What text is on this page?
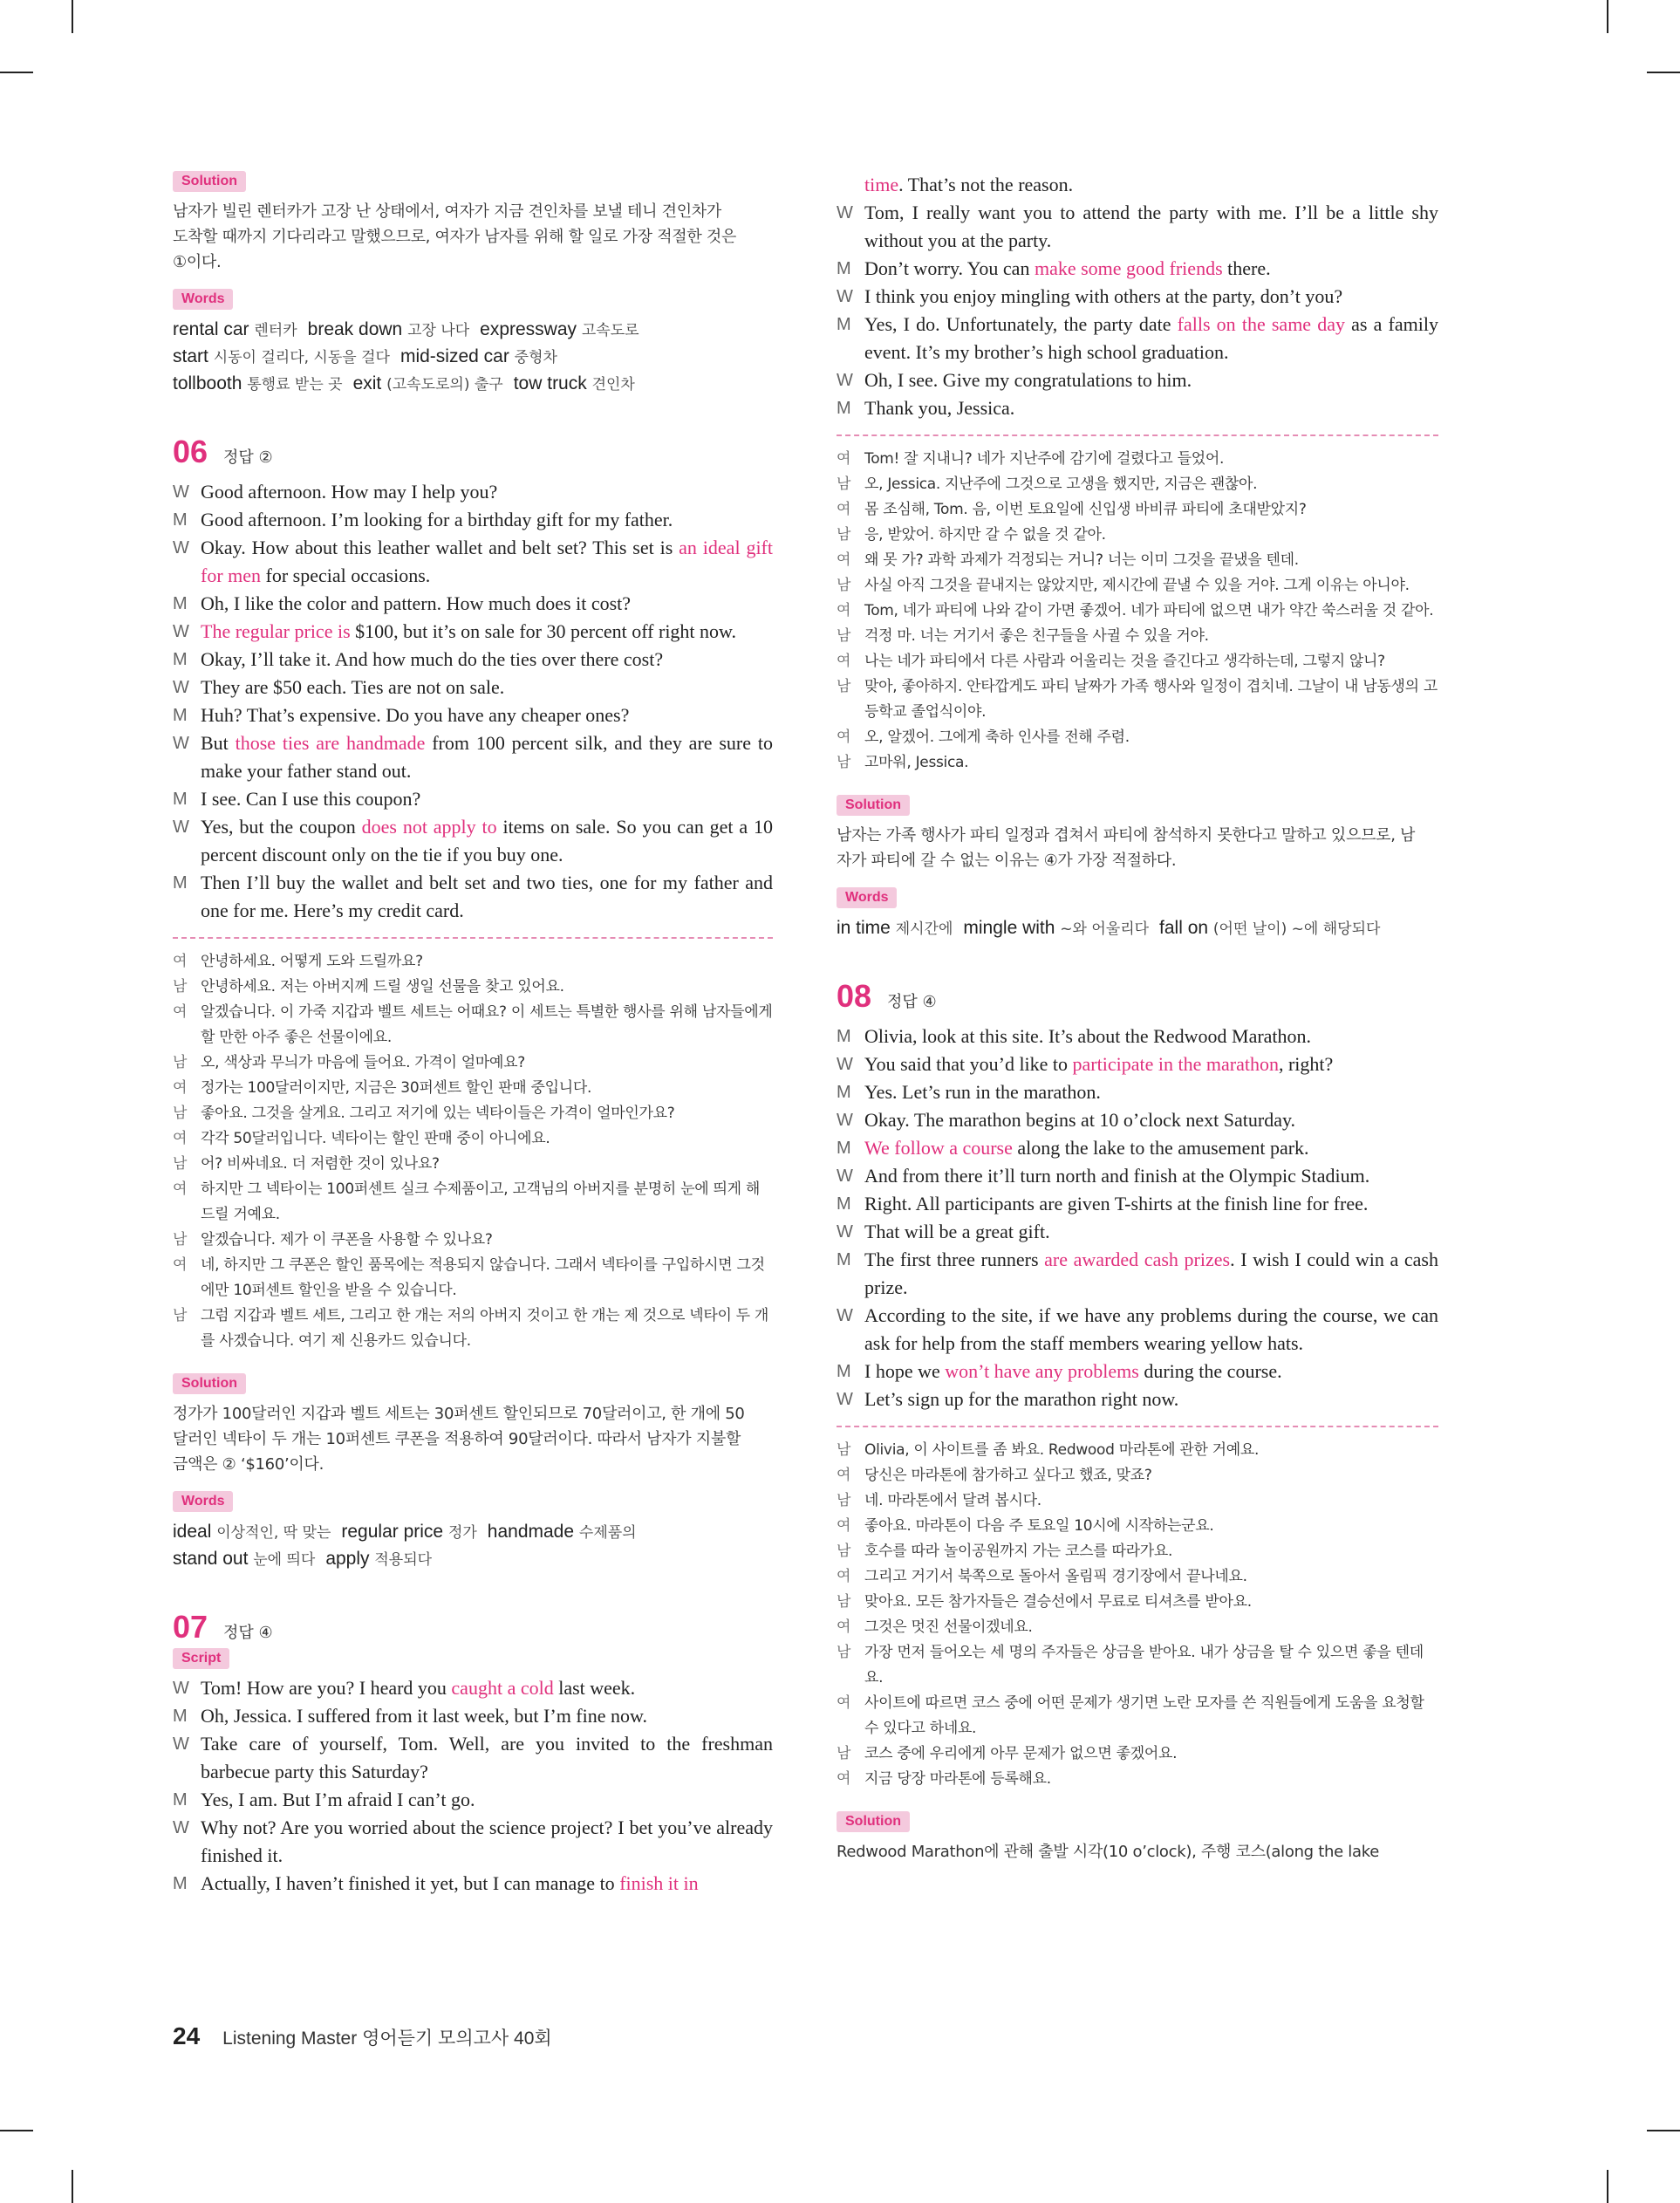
Solution

남자가 빌린 렌터카가 고장 난 상태에서, 여자가 지금 견인차를 보낼 테니 견인차가

도착할 때까지 기다리라고 말했으므로, 여자가 남자를 위해 할 일로 가장 적절한 것은

①이다.

Words
rental car 렌터카 break down 고장 나다 expressway 고속도로
start 시동이 걸리다, 시동을 걸다 mid-sized car 중형차
tollbooth 통행료 받는 곳 exit (고속도로의) 출구 tow truck 견인차
06 정답 ②
W Good afternoon. How may I help you?
M Good afternoon. I’m looking for a birthday gift for my father.
W Okay. How about this leather wallet and belt set? This set is an ideal gift for men for special occasions.
M Oh, I like the color and pattern. How much does it cost?
W The regular price is $100, but it’s on sale for 30 percent off right now.
M Okay, I’ll take it. And how much do the ties over there cost?
W They are $50 each. Ties are not on sale.
M Huh? That’s expensive. Do you have any cheaper ones?
W But those ties are handmade from 100 percent silk, and they are sure to make your father stand out.
M I see. Can I use this coupon?
W Yes, but the coupon does not apply to items on sale. So you can get a 10 percent discount only on the tie if you buy one.
M Then I’ll buy the wallet and belt set and two ties, one for my father and one for me. Here’s my credit card.
여 안녕하세요. 어떻게 도와 드릴까요?
남 안녕하세요. 저는 아버지께 드릴 생일 선물을 찾고 있어요.
여 알겠습니다. 이 가죽 지갑과 벨트 세트는 어때요? 이 세트는 특별한 행사를 위해 남자들에게 할 만한 아주 좋은 선물이에요.
남 오, 색상과 무늬가 마음에 들어요. 가격이 얼마예요?
여 정가는 100달러이지만, 지금은 30퍼센트 할인 판매 중입니다.
남 좋아요. 그것을 살게요. 그리고 저기에 있는 넥타이들은 가격이 얼마인가요?
여 각각 50달러입니다. 넥타이는 할인 판매 중이 아니에요.
남 어? 비싸네요. 더 저렴한 것이 있나요?
여 하지만 그 넥타이는 100퍼센트 실크 수제품이고, 고객님의 아버지를 분명히 눈에 띄게 해 드릴 거예요.
남 알겠습니다. 제가 이 쿠폰을 사용할 수 있나요?
여 네, 하지만 그 쿠폰은 할인 품목에는 적용되지 않습니다. 그래서 넥타이를 구입하시면 그것에만 10퍼센트 할인을 받을 수 있습니다.
남 그럼 지갑과 벨트 세트, 그리고 한 개는 저의 아버지 것이고 한 개는 제 것으로 넥타이 두 개를 사겠습니다. 여기 제 신용카드 있습니다.
Solution

정가가 100달러인 지갑과 벨트 세트는 30퍼센트 할인되므로 70달러이고, 한 개에 50

달러인 넥타이 두 개는 10퍼센트 쿠폰을 적용하여 90달러이다. 따라서 남자가 지불할

금액은 ② ‘$160’이다.

Words
ideal 이상적인, 딱 맞는 regular price 정가 handmade 수제품의
stand out 눈에 띄다 apply 적용되다
07 정답 ④
Script
W Tom! How are you? I heard you caught a cold last week.
M Oh, Jessica. I suffered from it last week, but I’m fine now.
W Take care of yourself, Tom. Well, are you invited to the freshman barbecue party this Saturday?
M Yes, I am. But I’m afraid I can’t go.
W Why not? Are you worried about the science project? I bet you’ve already finished it.
M Actually, I haven’t finished it yet, but I can manage to finish it in
time. That’s not the reason.
W Tom, I really want you to attend the party with me. I’ll be a little shy without you at the party.
M Don’t worry. You can make some good friends there.
W I think you enjoy mingling with others at the party, don’t you?
M Yes, I do. Unfortunately, the party date falls on the same day as a family event. It’s my brother’s high school graduation.
W Oh, I see. Give my congratulations to him.
M Thank you, Jessica.
여 Tom! 잘 지내니? 네가 지난주에 감기에 걸렸다고 들었어.
남 오, Jessica. 지난주에 그것으로 고생을 했지만, 지금은 괜찮아.
여 몸 조심해, Tom. 음, 이번 토요일에 신입생 바비큐 파티에 초대받았지?
남 응, 받았어. 하지만 갈 수 없을 것 같아.
여 왜 못 가? 과학 과제가 걱정되는 거니? 너는 이미 그것을 끝냈을 텐데.
남 사실 아직 그것을 끝내지는 않았지만, 제시간에 끝낼 수 있을 거야. 그게 이유는 아니야.
여 Tom, 네가 파티에 나와 같이 가면 좋겠어. 네가 파티에 없으면 내가 약간 쑥스러울 것 같아.
남 걱정 마. 너는 거기서 좋은 친구들을 사귈 수 있을 거야.
여 나는 네가 파티에서 다른 사람과 어울리는 것을 즐긴다고 생각하는데, 그렇지 않니?
남 맞아, 좋아하지. 안타깝게도 파티 날짜가 가족 행사와 일정이 겹치네. 그날이 내 남동생의 고등학교 졸업식이야.
여 오, 알겠어. 그에게 축하 인사를 전해 주렴.
남 고마워, Jessica.
Solution

남자는 가족 행사가 파티 일정과 겹쳐서 파티에 참석하지 못한다고 말하고 있으므로, 남

자가 파티에 갈 수 없는 이유는 ④가 가장 적절하다.

Words
in time 제시간에 mingle with ~와 어울리다 fall on (어떤 날이) ~에 해당되다
08 정답 ④
M Olivia, look at this site. It’s about the Redwood Marathon.
W You said that you’d like to participate in the marathon, right?
M Yes. Let’s run in the marathon.
W Okay. The marathon begins at 10 o’clock next Saturday.
M We follow a course along the lake to the amusement park.
W And from there it’ll turn north and finish at the Olympic Stadium.
M Right. All participants are given T-shirts at the finish line for free.
W That will be a great gift.
M The first three runners are awarded cash prizes. I wish I could win a cash prize.
W According to the site, if we have any problems during the course, we can ask for help from the staff members wearing yellow hats.
M I hope we won’t have any problems during the course.
W Let’s sign up for the marathon right now.
남 Olivia, 이 사이트를 좀 봐요. Redwood 마라톤에 관한 거예요.
여 당신은 마라톤에 참가하고 싶다고 했죠, 맞죠?
남 네. 마라톤에서 달려 봅시다.
여 좋아요. 마라톤이 다음 주 토요일 10시에 시작하는군요.
남 호수를 따라 놀이공원까지 가는 코스를 따라가요.
여 그리고 거기서 북쪽으로 돌아서 올림픽 경기장에서 끝나네요.
남 맞아요. 모든 참가자들은 결승선에서 무료로 티셔츠를 받아요.
여 그것은 멋진 선물이겠네요.
남 가장 먼저 들어오는 세 명의 주자들은 상금을 받아요. 내가 상금을 탈 수 있으면 좋을 텐데요.
여 사이트에 따르면 코스 중에 어떤 문제가 생기면 노란 모자를 쓴 직원들에게 도움을 요청할 수 있다고 하네요.
남 코스 중에 우리에게 아무 문제가 없으면 좋겠어요.
여 지금 당장 마라톤에 등록해요.
Solution

Redwood Marathon에 관해 출발 시각(10 o’clock), 주행 코스(along the lake

24 Listening Master 영어듣기 모의고사 40회
